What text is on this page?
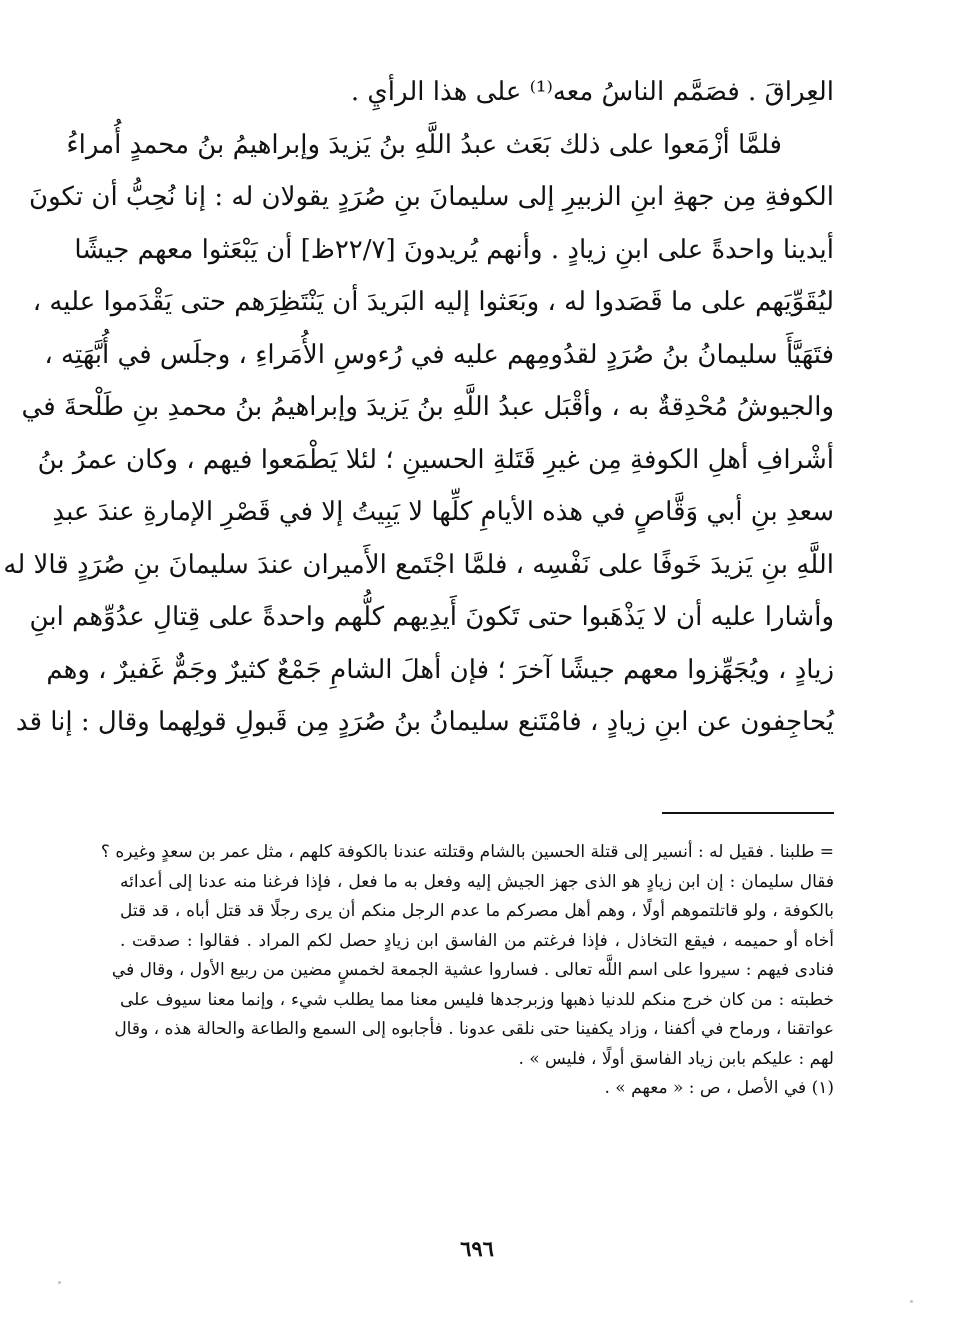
العِراقَ . فصَمَّم الناسُ معه⁽¹⁾ على هذا الرأيِ .
فلمَّا أزْمَعوا على ذلك بَعَث عبدُ اللَّهِ بنُ يَزيدَ وإبراهيمُ بنُ محمدٍ أُمراءُ
الكوفةِ مِن جهةِ ابنِ الزبيرِ إلى سليمانَ بنِ صُرَدٍ يقولان له : إنا نُحِبُّ أن تكونَ
أيدينا واحدةً على ابنِ زيادٍ . وأنهم يُريدونَ [٢٢/٧ظ] أن يَبْعَثوا معهم جيشًا
ليُقَوِّيَهم على ما قَصَدوا له ، وبَعَثوا إليه البَريدَ أن يَنْتَظِرَهم حتى يَقْدَموا عليه ،
فتَهَيَّأَ سليمانُ بنُ صُرَدٍ لقدُومِهم عليه في رُءوسِ الأُمَراءِ ، وجلَس في أُبَّهَتِه ،
والجيوشُ مُحْدِقةٌ به ، وأقْبَل عبدُ اللَّهِ بنُ يَزيدَ وإبراهيمُ بنُ محمدِ بنِ طَلْحةَ في
أشْرافِ أهلِ الكوفةِ مِن غيرِ قَتَلةِ الحسينِ ؛ لئلا يَطْمَعوا فيهم ، وكان عمرُ بنُ
سعدِ بنِ أبي وَقَّاصٍ في هذه الأيامِ كلِّها لا يَبِيتُ إلا في قَصْرِ الإمارةِ عندَ عبدِ
اللَّهِ بنِ يَزيدَ خَوفًا على نَفْسِه ، فلمَّا اجْتَمع الأَميران عندَ سليمانَ بنِ صُرَدٍ قالا له
وأشارا عليه أن لا يَذْهَبوا حتى تَكونَ أَيدِيهم كلُّهم واحدةً على قِتالِ عدُوِّهم ابنِ
زيادٍ ، ويُجَهِّزوا معهم جيشًا آخرَ ؛ فإن أهلَ الشامِ جَمْعٌ كثيرٌ وجَمٌّ غَفيرٌ ، وهم
يُحاجِفون عن ابنِ زيادٍ ، فامْتَنع سليمانُ بنُ صُرَدٍ مِن قَبولِ قولِهما وقال : إنا قد
= طلبنا . فقيل له : أنسير إلى قتلة الحسين بالشام وقتلته عندنا بالكوفة كلهم ، مثل عمر بن سعدٍ وغيره ؟
فقال سليمان : إن ابن زيادٍ هو الذى جهز الجيش إليه وفعل به ما فعل ، فإذا فرغنا منه عدنا إلى أعدائه
بالكوفة ، ولو قاتلتموهم أولًا ، وهم أهل مصركم ما عدم الرجل منكم أن يرى رجلًا قد قتل أباه ، قد قتل
أخاه أو حميمه ، فيقع التخاذل ، فإذا فرغتم من الفاسق ابن زيادٍ حصل لكم المراد . فقالوا : صدقت .
فنادى فيهم : سيروا على اسم اللَّه تعالى . فساروا عشية الجمعة لخمسٍ مضين من ربيع الأول ، وقال في
خطبته : من كان خرج منكم للدنيا ذهبها وزبرجدها فليس معنا مما يطلب شيء ، وإنما معنا سيوف على
عواتقنا ، ورماح في أكفنا ، وزاد يكفينا حتى نلقى عدونا . فأجابوه إلى السمع والطاعة والحالة هذه ، وقال
لهم : عليكم بابن زياد الفاسق أولًا ، فليس » .
(١) في الأصل ، ص : « معهم » .
٦٩٦
